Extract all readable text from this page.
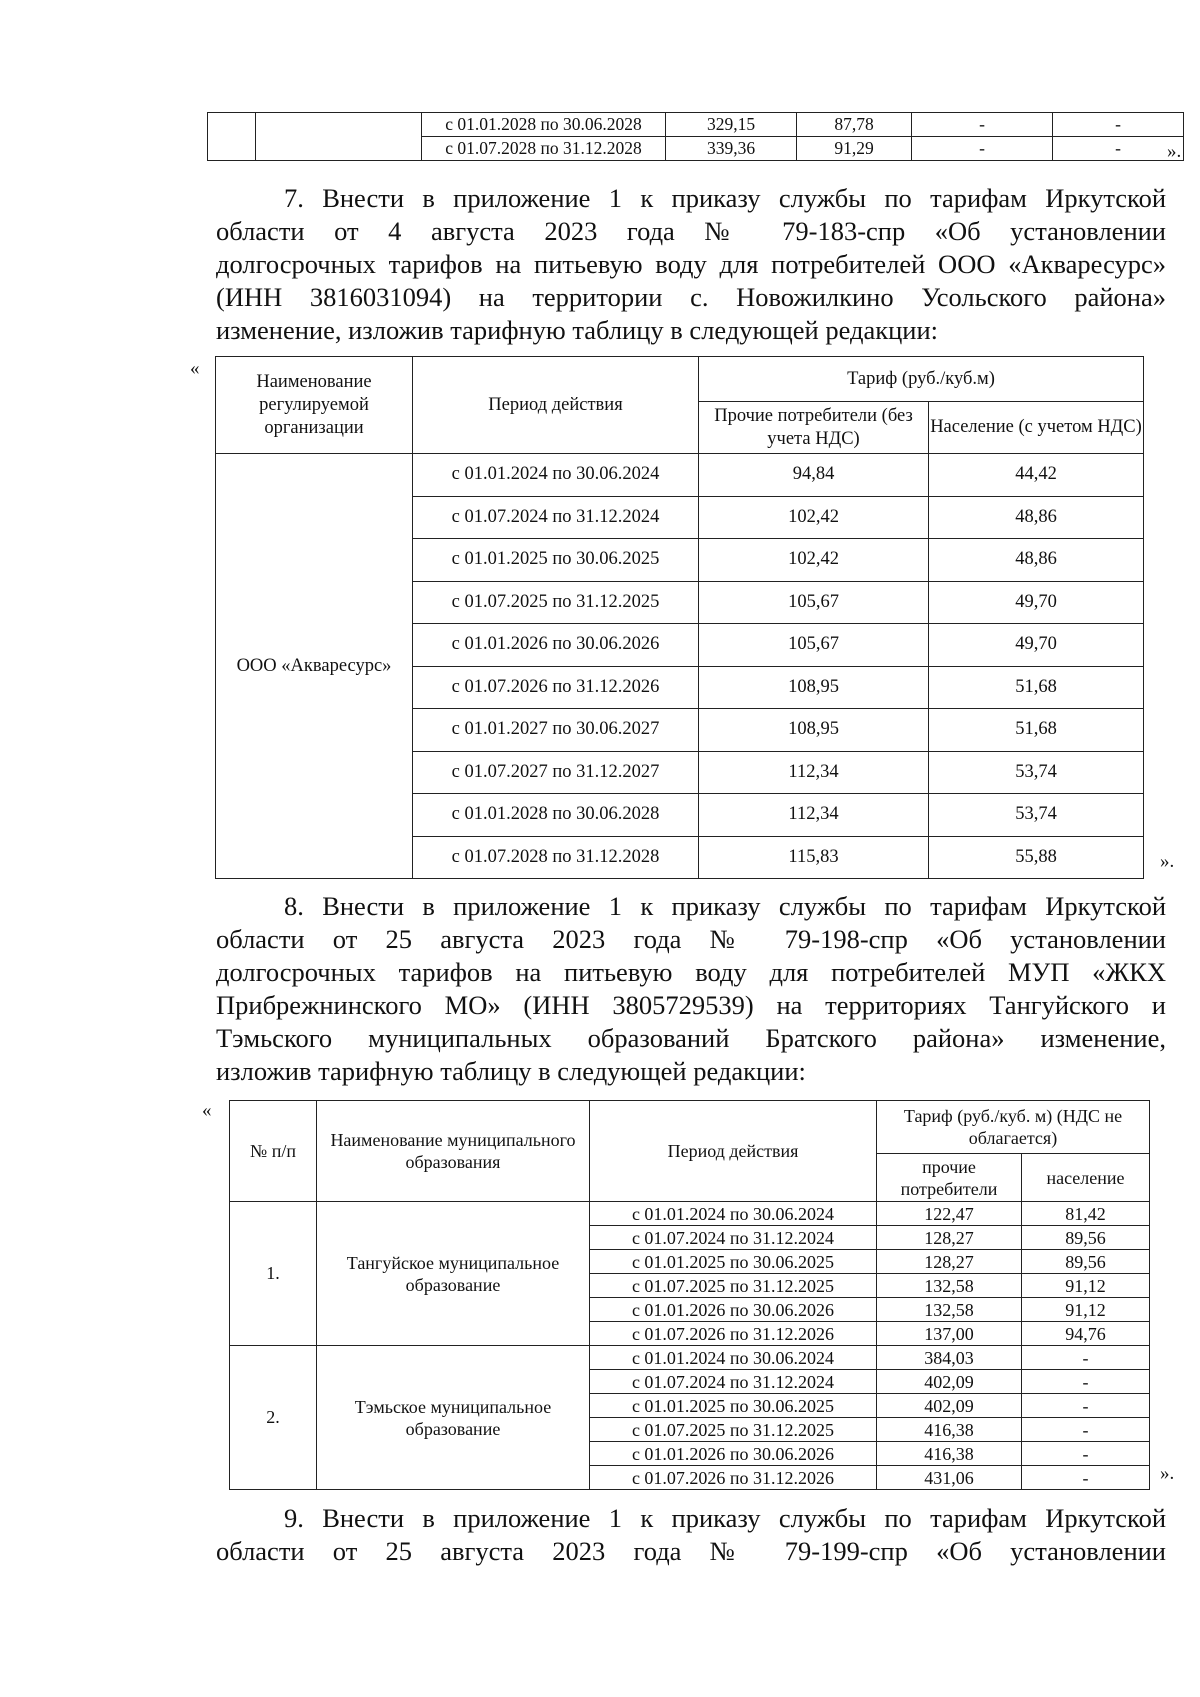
		с 01.01.2028 по 30.06.2028	329,15	87,78	-	-
		с 01.07.2028 по 31.12.2028	339,36	91,29	-	- ».
7. Внести в приложение 1 к приказу службы по тарифам Иркутской
области от 4 августа 2023 года № 79-183-спр «Об установлении
долгосрочных тарифов на питьевую воду для потребителей ООО «Акваресурс»
(ИНН 3816031094) на территории с. Новожилкино Усольского района»
изменение, изложив тарифную таблицу в следующей редакции:
«
Наименование регулируемой организации	Период действия	Тариф (руб./куб.м)	
		Прочие потребители (без учета НДС)	Население (с учетом НДС)
ООО «Акваресурс»	с 01.01.2024 по 30.06.2024	94,84	44,42
	с 01.07.2024 по 31.12.2024	102,42	48,86
	с 01.01.2025 по 30.06.2025	102,42	48,86
	с 01.07.2025 по 31.12.2025	105,67	49,70
	с 01.01.2026 по 30.06.2026	105,67	49,70
	с 01.07.2026 по 31.12.2026	108,95	51,68
	с 01.01.2027 по 30.06.2027	108,95	51,68
	с 01.07.2027 по 31.12.2027	112,34	53,74
	с 01.01.2028 по 30.06.2028	112,34	53,74
	с 01.07.2028 по 31.12.2028	115,83	55,88	».
8. Внести в приложение 1 к приказу службы по тарифам Иркутской
области от 25 августа 2023 года № 79-198-спр «Об установлении
долгосрочных тарифов на питьевую воду для потребителей МУП «ЖКХ
Прибрежнинского МО» (ИНН 3805729539) на территориях Тангуйского и
Тэмьского муниципальных образований Братского района» изменение,
изложив тарифную таблицу в следующей редакции:
«
№ п/п	Наименование муниципального образования	Период действия	Тариф (руб./куб. м) (НДС не облагается)	
			прочие потребители	население
1.	Тангуйское муниципальное образование	с 01.01.2024 по 30.06.2024	122,47	81,42
		с 01.07.2024 по 31.12.2024	128,27	89,56
		с 01.01.2025 по 30.06.2025	128,27	89,56
		с 01.07.2025 по 31.12.2025	132,58	91,12
		с 01.01.2026 по 30.06.2026	132,58	91,12
		с 01.07.2026 по 31.12.2026	137,00	94,76
2.	Тэмьское муниципальное образование	с 01.01.2024 по 30.06.2024	384,03	-
		с 01.07.2024 по 31.12.2024	402,09	-
		с 01.01.2025 по 30.06.2025	402,09	-
		с 01.07.2025 по 31.12.2025	416,38	-
		с 01.01.2026 по 30.06.2026	416,38	-
		с 01.07.2026 по 31.12.2026	431,06	-	».
9. Внести в приложение 1 к приказу службы по тарифам Иркутской
области от 25 августа 2023 года № 79-199-спр «Об установлении
